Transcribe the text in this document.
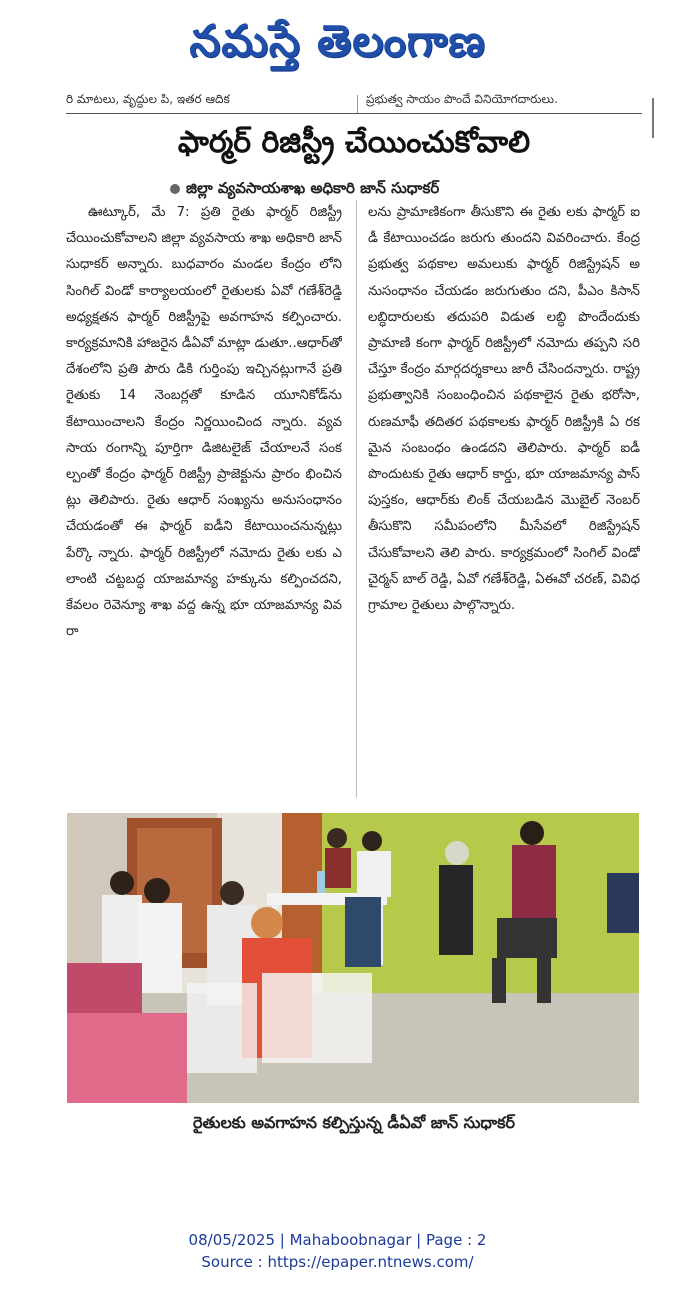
నమస్తే తెలంగాణ
రి మాటలు, వృద్ధుల పి, ఇతర ఆదిక	ప్రభుత్వ సాయం పొందే వినియోగదారులు.
ఫార్మర్ రిజిస్ట్రీ చేయించుకోవాలి
జిల్లా వ్యవసాయశాఖ అధికారి జాన్ సుధాకర్
ఊట్కూర్, మే 7: ప్రతి రైతు ఫార్మర్ రిజిస్ట్రీ చేయించుకోవాలని జిల్లా వ్యవసాయ శాఖ అధికారి జాన్ సుధాకర్ అన్నారు. బుధవారం మండల కేంద్రం లోని సింగిల్ విండో కార్యాలయంలో రైతులకు ఏవో గణేశ్‌రెడ్డి అధ్యక్షతన ఫార్మర్ రిజిస్ట్రీపై అవగాహన కల్పించారు. కార్యక్రమానికి హాజరైన డీఏవో మాట్లా డుతూ..ఆధార్‌తో దేశంలోని ప్రతి పౌరు డికి గుర్తింపు ఇచ్చినట్లుగానే ప్రతి రైతుకు 14 నెంబర్లతో కూడిన యూనికోడ్‌ను కేటాయించాలని కేంద్రం నిర్ణయించింద న్నారు. వ్యవసాయ రంగాన్ని పూర్తిగా డిజిటలైజ్ చేయాలనే సంకల్పంతో కేంద్రం ఫార్మర్ రిజిస్ట్రీ ప్రాజెక్టును ప్రారం భించినట్లు తెలిపారు. రైతు ఆధార్ సంఖ్యను అనుసంధానం చేయడంతో ఈ ఫార్మర్ ఐడీని కేటాయించనున్నట్లు పేర్కొ న్నారు. ఫార్మర్ రిజిస్ట్రీలో నమోదు రైతు లకు ఎలాంటి చట్టబద్ధ యాజమాన్య హక్కును కల్పించదని, కేవలం రెవెన్యూ శాఖ వద్ద ఉన్న భూ యాజమాన్య వివరా
లను ప్రామాణికంగా తీసుకొని ఈ రైతు లకు ఫార్మర్ ఐడీ కేటాయించడం జరుగు తుందని వివరించారు. కేంద్ర ప్రభుత్వ పథకాల అమలుకు ఫార్మర్ రిజిస్ట్రేషన్ అనుసంధానం చేయడం జరుగుతుం దని, పీఎం కిసాన్ లబ్ధిదారులకు తదుపరి విడుత లబ్ధి పొందేందుకు ప్రామాణి కంగా ఫార్మర్ రిజిస్ట్రీలో నమోదు తప్పని సరి చేస్తూ కేంద్రం మార్గదర్శకాలు జారీ చేసిందన్నారు. రాష్ట్ర ప్రభుత్వానికి సంబంధించిన పథకాలైన రైతు భరోసా, రుణమాఫీ తదితర పథకాలకు ఫార్మర్ రిజిస్ట్రీకి ఏ రకమైన సంబంధం ఉండదని తెలిపారు. ఫార్మర్ ఐడీ పొందుటకు రైతు ఆధార్ కార్డు, భూ యాజమాన్య పాస్ పుస్తకం, ఆధార్‌కు లింక్ చేయబడిన మొబైల్ నెంబర్ తీసుకొని సమీపంలోని మీసేవలో రిజిస్ట్రేషన్ చేసుకోవాలని తెలి పారు. కార్యక్రమంలో సింగిల్ విండో చైర్మన్ బాల్ రెడ్డి, ఏవో గణేశ్‌రెడ్డి, ఏఈవో చరణ్, వివిధ గ్రామాల రైతులు పాల్గొన్నారు.
రైతులకు అవగాహన కల్పిస్తున్న డీఏవో జాన్ సుధాకర్
08/05/2025 | Mahaboobnagar | Page : 2
Source : https://epaper.ntnews.com/
